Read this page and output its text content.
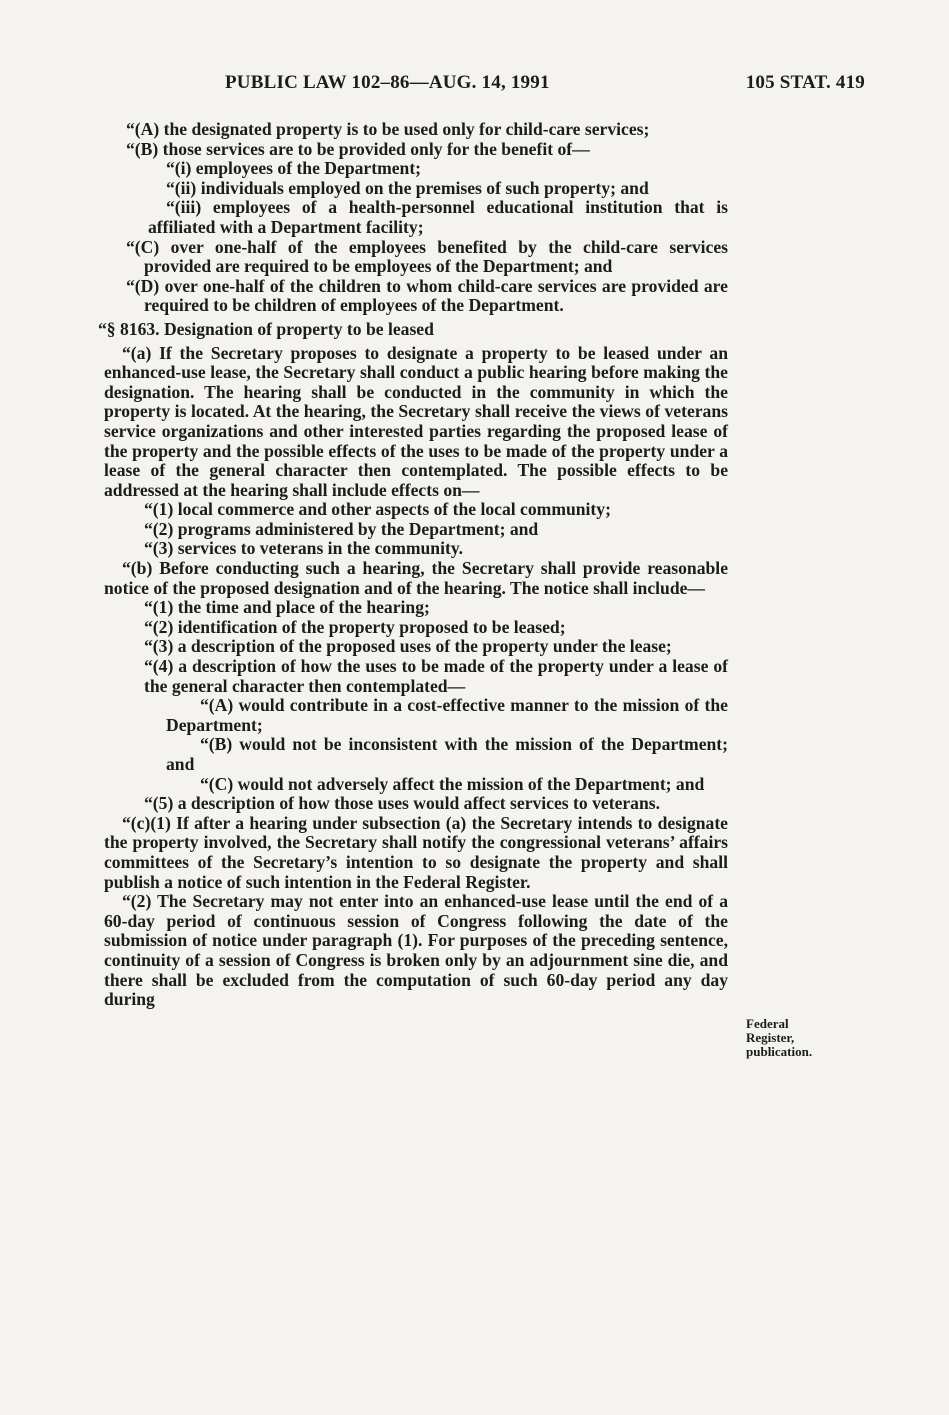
PUBLIC LAW 102–86—AUG. 14, 1991	105 STAT. 419

“(A) the designated property is to be used only for child-care services;

“(B) those services are to be provided only for the benefit of—

“(i) employees of the Department;

“(ii) individuals employed on the premises of such property; and

“(iii) employees of a health-personnel educational institution that is affiliated with a Department facility;

“(C) over one-half of the employees benefited by the child-care services provided are required to be employees of the Department; and

“(D) over one-half of the children to whom child-care services are provided are required to be children of employees of the Department.

“§ 8163. Designation of property to be leased

“(a) If the Secretary proposes to designate a property to be leased under an enhanced-use lease, the Secretary shall conduct a public hearing before making the designation. The hearing shall be conducted in the community in which the property is located. At the hearing, the Secretary shall receive the views of veterans service organizations and other interested parties regarding the proposed lease of the property and the possible effects of the uses to be made of the property under a lease of the general character then contemplated. The possible effects to be addressed at the hearing shall include effects on—

“(1) local commerce and other aspects of the local community;

“(2) programs administered by the Department; and

“(3) services to veterans in the community.

“(b) Before conducting such a hearing, the Secretary shall provide reasonable notice of the proposed designation and of the hearing. The notice shall include—

“(1) the time and place of the hearing;

“(2) identification of the property proposed to be leased;

“(3) a description of the proposed uses of the property under the lease;

“(4) a description of how the uses to be made of the property under a lease of the general character then contemplated—

“(A) would contribute in a cost-effective manner to the mission of the Department;

“(B) would not be inconsistent with the mission of the Department; and

“(C) would not adversely affect the mission of the Department; and

“(5) a description of how those uses would affect services to veterans.

“(c)(1) If after a hearing under subsection (a) the Secretary intends to designate the property involved, the Secretary shall notify the congressional veterans’ affairs committees of the Secretary’s intention to so designate the property and shall publish a notice of such intention in the Federal Register.

“(2) The Secretary may not enter into an enhanced-use lease until the end of a 60-day period of continuous session of Congress following the date of the submission of notice under paragraph (1). For purposes of the preceding sentence, continuity of a session of Congress is broken only by an adjournment sine die, and there shall be excluded from the computation of such 60-day period any day during

Federal
Register,
publication.
